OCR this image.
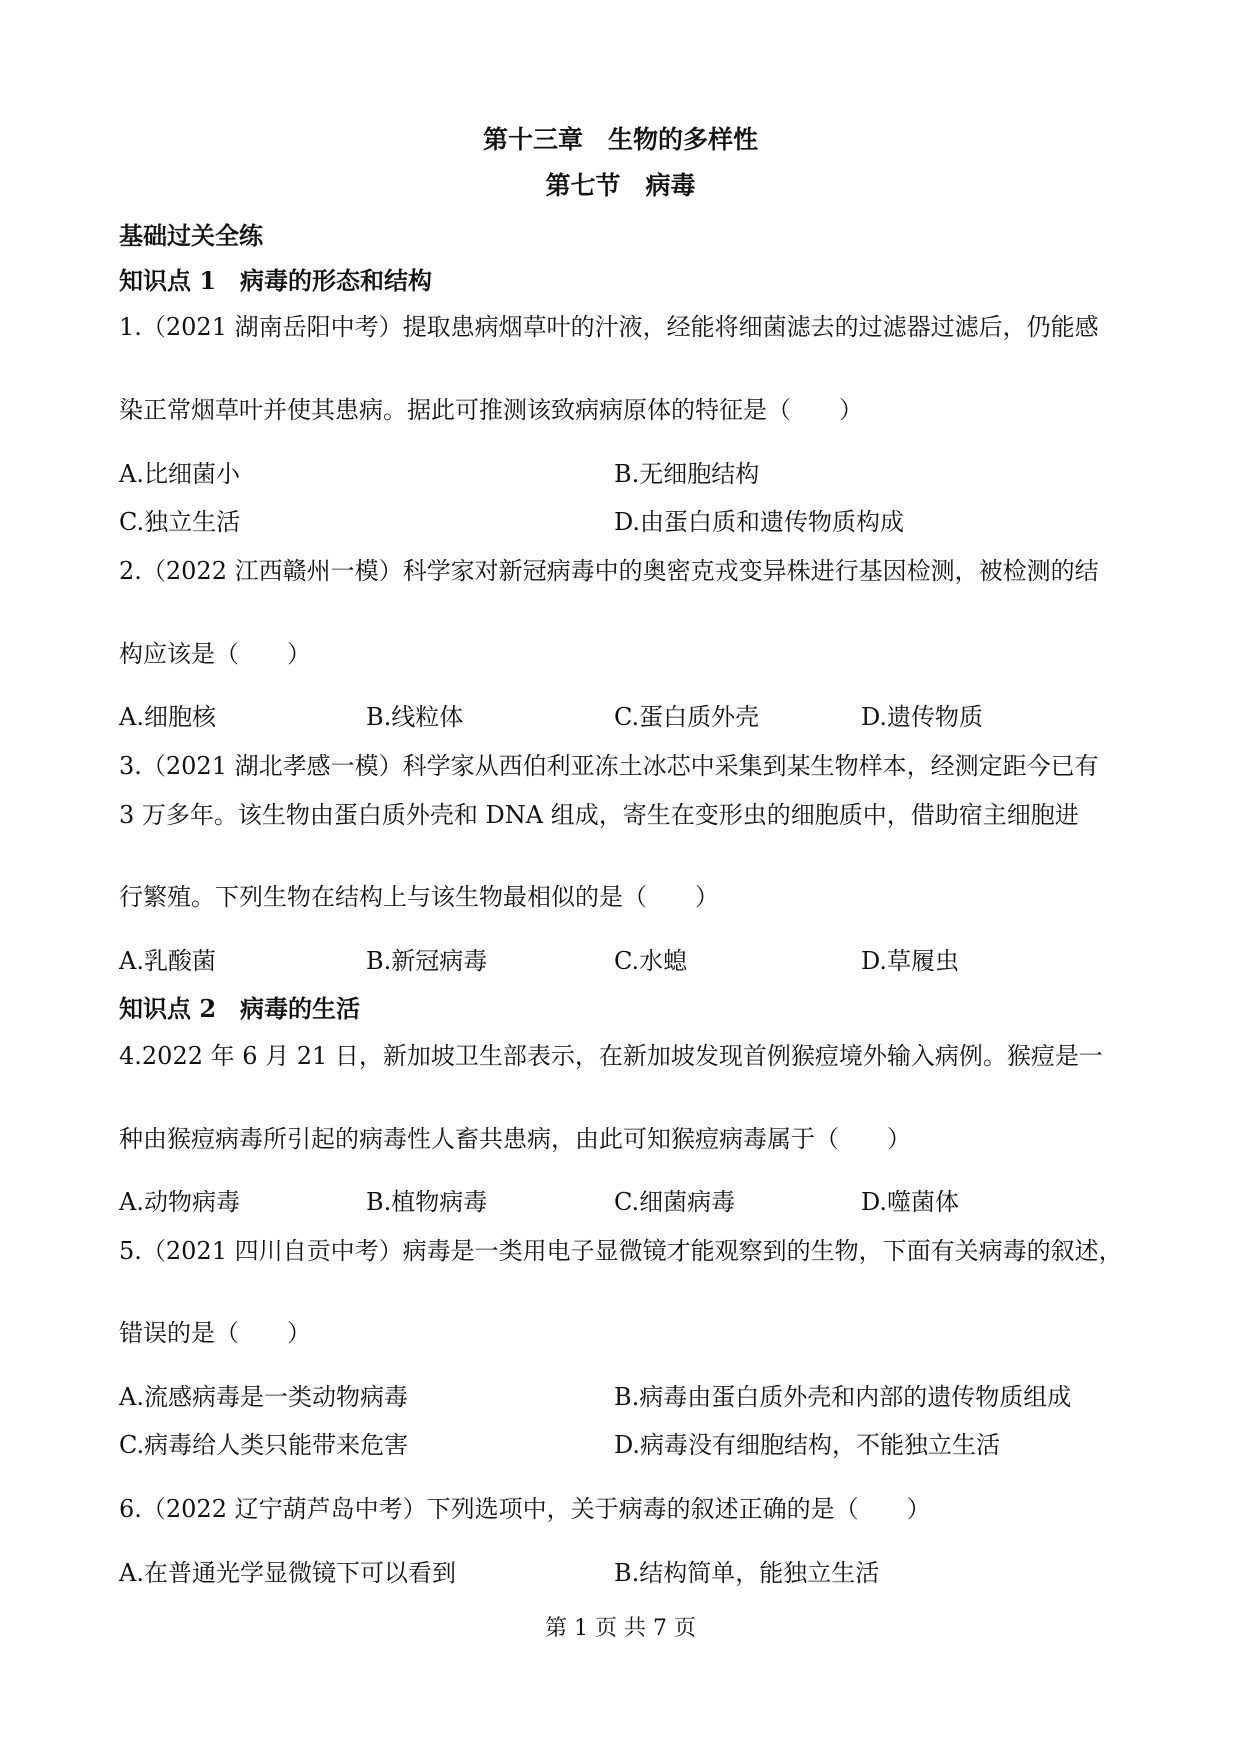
第十三章　生物的多样性
第七节　病毒
基础过关全练
知识点 1　病毒的形态和结构
1.（2021 湖南岳阳中考）提取患病烟草叶的汁液，经能将细菌滤去的过滤器过滤后，仍能感
染正常烟草叶并使其患病。据此可推测该致病病原体的特征是（　　）
A.比细菌小	B.无细胞结构
C.独立生活	D.由蛋白质和遗传物质构成
2.（2022 江西赣州一模）科学家对新冠病毒中的奥密克戎变异株进行基因检测，被检测的结
构应该是（　　）
A.细胞核	B.线粒体	C.蛋白质外壳	D.遗传物质
3.（2021 湖北孝感一模）科学家从西伯利亚冻土冰芯中采集到某生物样本，经测定距今已有
3 万多年。该生物由蛋白质外壳和 DNA 组成，寄生在变形虫的细胞质中，借助宿主细胞进
行繁殖。下列生物在结构上与该生物最相似的是（　　）
A.乳酸菌	B.新冠病毒	C.水螅	D.草履虫
知识点 2　病毒的生活
4.2022 年 6 月 21 日，新加坡卫生部表示，在新加坡发现首例猴痘境外输入病例。猴痘是一
种由猴痘病毒所引起的病毒性人畜共患病，由此可知猴痘病毒属于（　　）
A.动物病毒	B.植物病毒	C.细菌病毒	D.噬菌体
5.（2021 四川自贡中考）病毒是一类用电子显微镜才能观察到的生物，下面有关病毒的叙述，
错误的是（　　）
A.流感病毒是一类动物病毒	B.病毒由蛋白质外壳和内部的遗传物质组成
C.病毒给人类只能带来危害	D.病毒没有细胞结构，不能独立生活
6.（2022 辽宁葫芦岛中考）下列选项中，关于病毒的叙述正确的是（　　）
A.在普通光学显微镜下可以看到	B.结构简单，能独立生活
第 1 页 共 7 页
